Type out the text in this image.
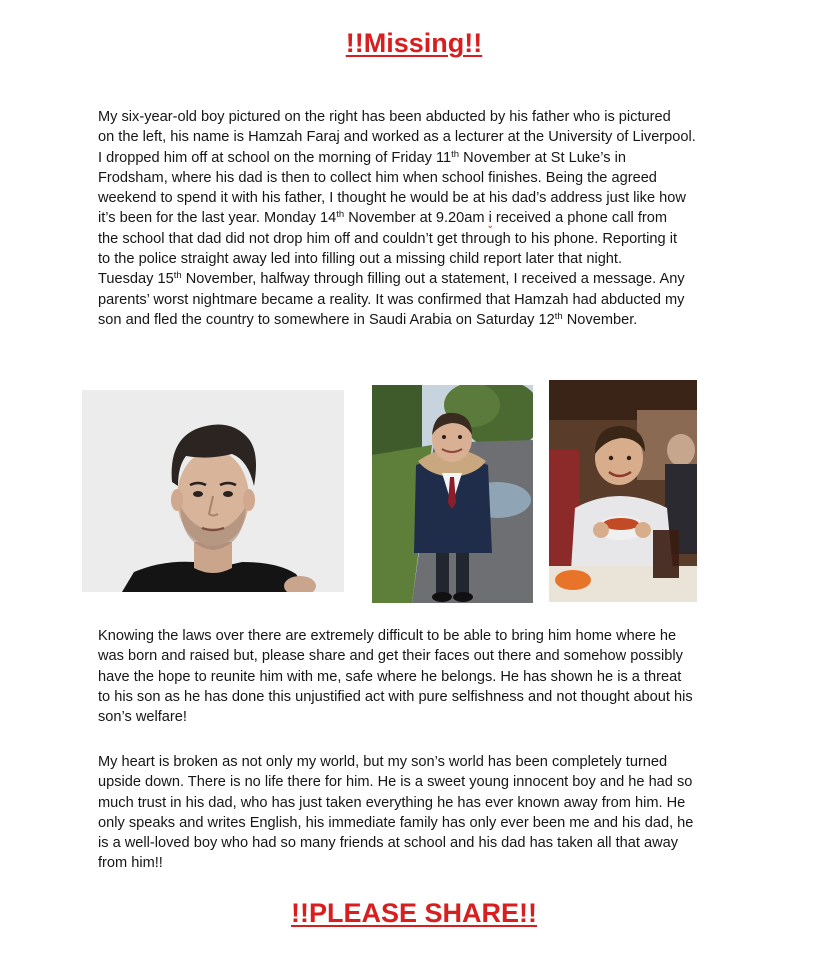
!!Missing!!
My six-year-old boy pictured on the right has been abducted by his father who is pictured
on the left, his name is Hamzah Faraj and worked as a lecturer at the University of Liverpool.
I dropped him off at school on the morning of Friday 11th November at St Luke’s in
Frodsham, where his dad is then to collect him when school finishes. Being the agreed
weekend to spend it with his father, I thought he would be at his dad’s address just like how
it’s been for the last year. Monday 14th November at 9.20am i received a phone call from
the school that dad did not drop him off and couldn’t get through to his phone. Reporting it
to the police straight away led into filling out a missing child report later that night.
Tuesday 15th November, halfway through filling out a statement, I received a message. Any
parents’ worst nightmare became a reality. It was confirmed that Hamzah had abducted my
son and fled the country to somewhere in Saudi Arabia on Saturday 12th November.
Knowing the laws over there are extremely difficult to be able to bring him home where he
was born and raised but, please share and get their faces out there and somehow possibly
have the hope to reunite him with me, safe where he belongs. He has shown he is a threat
to his son as he has done this unjustified act with pure selfishness and not thought about his
son’s welfare!
My heart is broken as not only my world, but my son’s world has been completely turned
upside down. There is no life there for him. He is a sweet young innocent boy and he had so
much trust in his dad, who has just taken everything he has ever known away from him. He
only speaks and writes English, his immediate family has only ever been me and his dad, he
is a well-loved boy who had so many friends at school and his dad has taken all that away
from him!!
!!PLEASE SHARE!!
